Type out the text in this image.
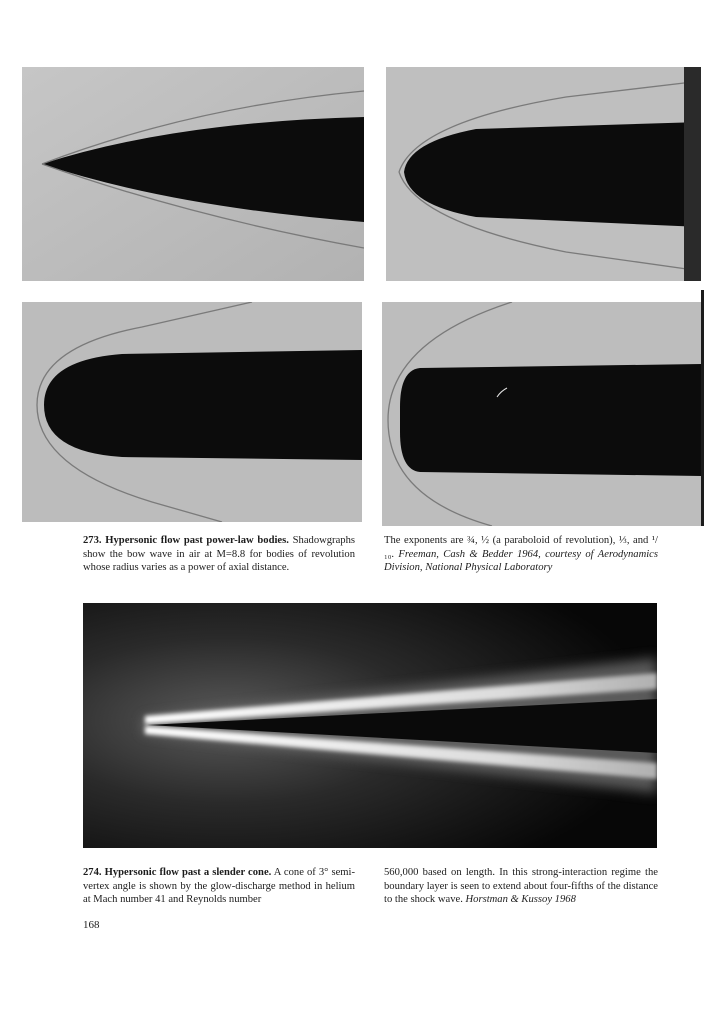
273. Hypersonic flow past power-law bodies. Shadowgraphs show the bow wave in air at M=8.8 for bodies of revolution whose radius varies as a power of axial distance.
The exponents are ¾, ½ (a paraboloid of revolution), ⅓, and ¹/₁₀. Freeman, Cash & Bedder 1964, courtesy of Aerodynamics Division, National Physical Laboratory
274. Hypersonic flow past a slender cone. A cone of 3° semi-vertex angle is shown by the glow-discharge method in helium at Mach number 41 and Reynolds number
560,000 based on length. In this strong-interaction regime the boundary layer is seen to extend about four-fifths of the distance to the shock wave. Horstman & Kussoy 1968
168
